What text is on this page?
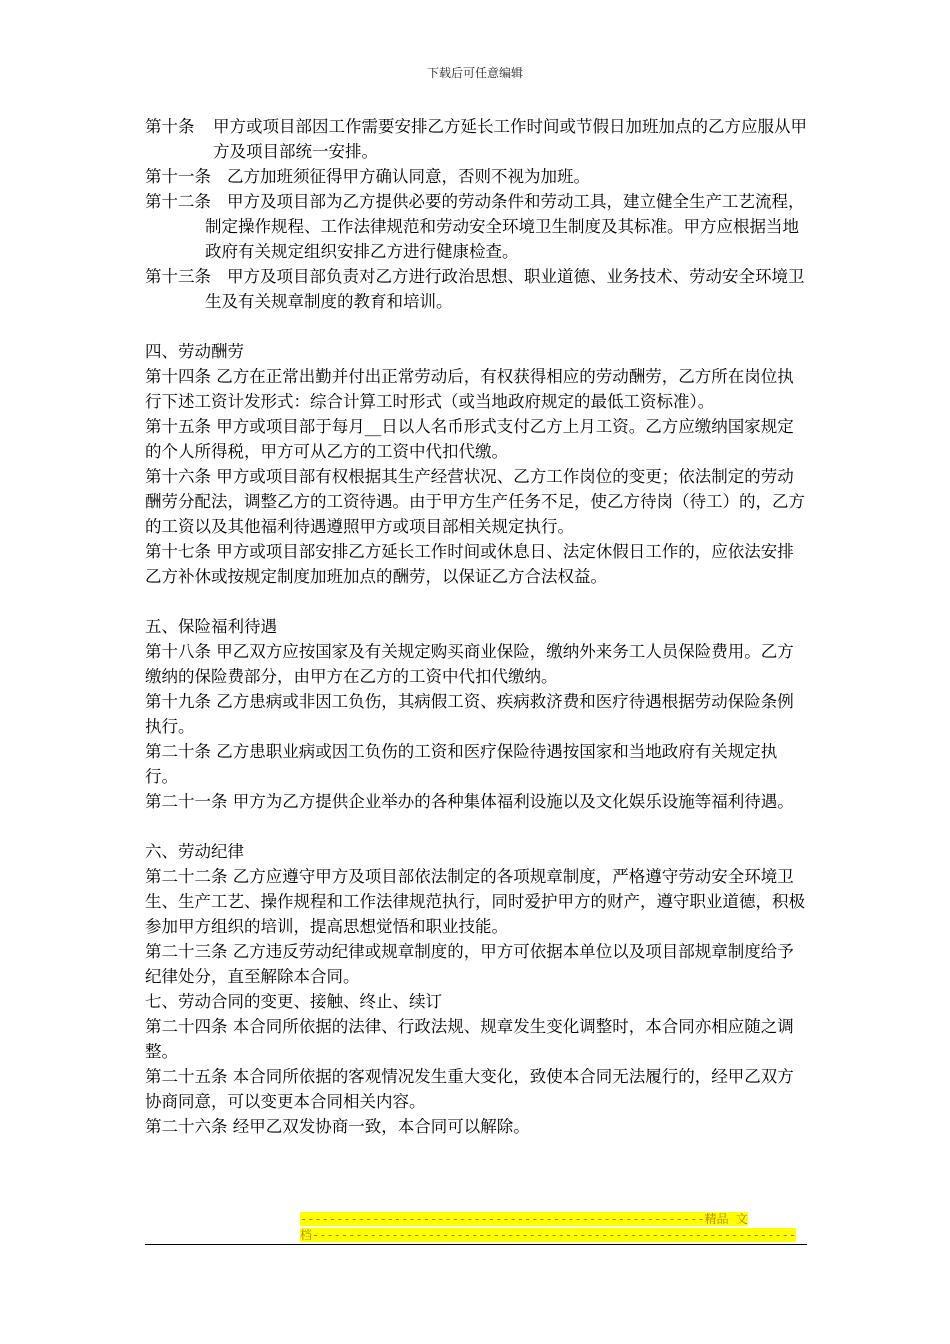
下载后可任意编辑

第十条 甲方或项目部因工作需要安排乙方延长工作时间或节假日加班加点的乙方应服从甲方及项目部统一安排。

第十一条 乙方加班须征得甲方确认同意，否则不视为加班。

第十二条 甲方及项目部为乙方提供必要的劳动条件和劳动工具，建立健全生产工艺流程，制定操作规程、工作法律规范和劳动安全环境卫生制度及其标准。甲方应根据当地政府有关规定组织安排乙方进行健康检查。

第十三条 甲方及项目部负责对乙方进行政治思想、职业道德、业务技术、劳动安全环境卫生及有关规章制度的教育和培训。

四、劳动酬劳

第十四条 乙方在正常出勤并付出正常劳动后，有权获得相应的劳动酬劳，乙方所在岗位执行下述工资计发形式：综合计算工时形式（或当地政府规定的最低工资标准）。

第十五条 甲方或项目部于每月__日以人名币形式支付乙方上月工资。乙方应缴纳国家规定的个人所得税，甲方可从乙方的工资中代扣代缴。

第十六条 甲方或项目部有权根据其生产经营状况、乙方工作岗位的变更；依法制定的劳动酬劳分配法，调整乙方的工资待遇。由于甲方生产任务不足，使乙方待岗（待工）的，乙方的工资以及其他福利待遇遵照甲方或项目部相关规定执行。

第十七条 甲方或项目部安排乙方延长工作时间或休息日、法定休假日工作的，应依法安排乙方补休或按规定制度加班加点的酬劳，以保证乙方合法权益。

五、保险福利待遇

第十八条 甲乙双方应按国家及有关规定购买商业保险，缴纳外来务工人员保险费用。乙方缴纳的保险费部分，由甲方在乙方的工资中代扣代缴纳。

第十九条 乙方患病或非因工负伤，其病假工资、疾病救济费和医疗待遇根据劳动保险条例执行。

第二十条 乙方患职业病或因工负伤的工资和医疗保险待遇按国家和当地政府有关规定执行。

第二十一条 甲方为乙方提供企业举办的各种集体福利设施以及文化娱乐设施等福利待遇。

六、劳动纪律

第二十二条 乙方应遵守甲方及项目部依法制定的各项规章制度，严格遵守劳动安全环境卫生、生产工艺、操作规程和工作法律规范执行，同时爱护甲方的财产，遵守职业道德，积极参加甲方组织的培训，提高思想觉悟和职业技能。

第二十三条 乙方违反劳动纪律或规章制度的，甲方可依据本单位以及项目部规章制度给予纪律处分，直至解除本合同。

七、劳动合同的变更、接触、终止、续订

第二十四条 本合同所依据的法律、行政法规、规章发生变化调整时，本合同亦相应随之调整。

第二十五条 本合同所依据的客观情况发生重大变化，致使本合同无法履行的，经甲乙双方协商同意，可以变更本合同相关内容。

第二十六条 经甲乙双发协商一致，本合同可以解除。

--------------------------------------------------------精品 文
档-------------------------------------------------------------------
